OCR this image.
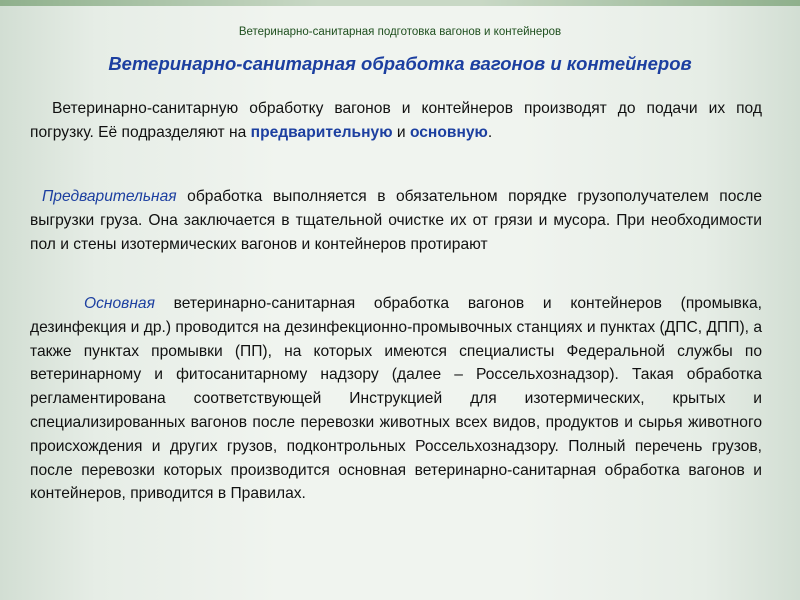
Ветеринарно-санитарная подготовка вагонов и контейнеров
Ветеринарно-санитарная обработка вагонов и контейнеров
Ветеринарно-санитарную обработку вагонов и контейнеров производят до подачи их под погрузку. Её подразделяют на предварительную и основную.
Предварительная обработка выполняется в обязательном порядке грузополучателем после выгрузки груза. Она заключается в тщательной очистке их от грязи и мусора. При необходимости пол и стены изотермических вагонов и контейнеров протирают
Основная ветеринарно-санитарная обработка вагонов и контейнеров (промывка, дезинфекция и др.) проводится на дезинфекционно-промывочных станциях и пунктах (ДПС, ДПП), а также пунктах промывки (ПП), на которых имеются специалисты Федеральной службы по ветеринарному и фитосанитарному надзору (далее – Россельхознадзор). Такая обработка регламентирована соответствующей Инструкцией для изотермических, крытых и специализированных вагонов после перевозки животных всех видов, продуктов и сырья животного происхождения и других грузов, подконтрольных Россельхознадзору. Полный перечень грузов, после перевозки которых производится основная ветеринарно-санитарная обработка вагонов и контейнеров, приводится в Правилах.
